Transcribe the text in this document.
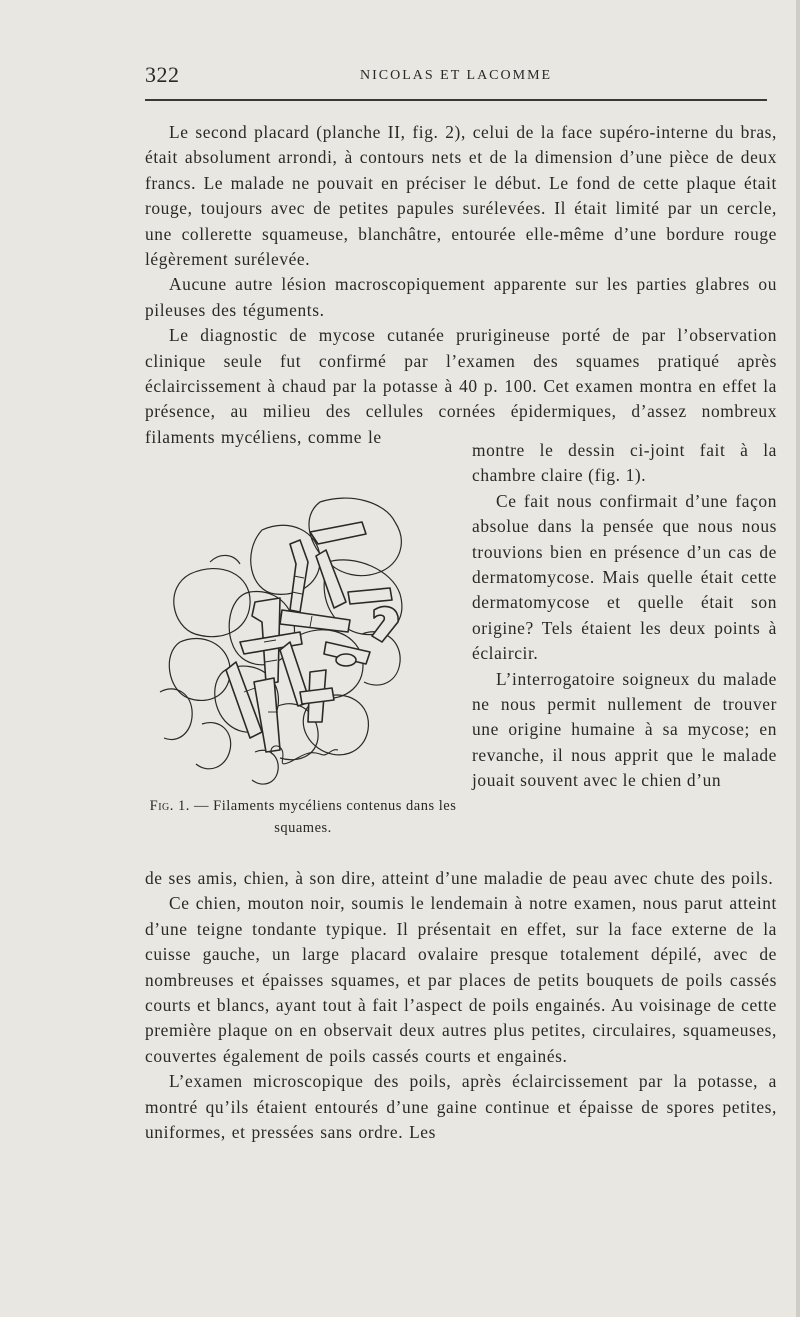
322	NICOLAS ET LACOMME

Le second placard (planche II, fig. 2), celui de la face supéro-interne du bras, était absolument arrondi, à contours nets et de la dimension d’une pièce de deux francs. Le malade ne pouvait en préciser le début. Le fond de cette plaque était rouge, toujours avec de petites papules surélevées. Il était limité par un cercle, une collerette squameuse, blanchâtre, entourée elle-même d’une bordure rouge légèrement surélevée.

Aucune autre lésion macroscopiquement apparente sur les parties glabres ou pileuses des téguments.

Le diagnostic de mycose cutanée prurigineuse porté de par l’observation clinique seule fut confirmé par l’examen des squames pratiqué après éclaircissement à chaud par la potasse à 40 p. 100. Cet examen montra en effet la présence, au milieu des cellules cornées épidermiques, d’assez nombreux filaments mycéliens, comme le

montre le dessin ci-joint fait à la chambre claire (fig. 1).

Ce fait nous confirmait d’une façon absolue dans la pensée que nous nous trouvions bien en présence d’un cas de dermatomycose. Mais quelle était cette dermatomycose et quelle était son origine? Tels étaient les deux points à éclaircir.

L’interrogatoire soigneux du malade ne nous permit nullement de trouver une origine humaine à sa mycose; en revanche, il nous apprit que le malade jouait souvent avec le chien d’un

Fig. 1. — Filaments mycéliens contenus dans les squames.

de ses amis, chien, à son dire, atteint d’une maladie de peau avec chute des poils.

Ce chien, mouton noir, soumis le lendemain à notre examen, nous parut atteint d’une teigne tondante typique. Il présentait en effet, sur la face externe de la cuisse gauche, un large placard ovalaire presque totalement dépilé, avec de nombreuses et épaisses squames, et par places de petits bouquets de poils cassés courts et blancs, ayant tout à fait l’aspect de poils engainés. Au voisinage de cette première plaque on en observait deux autres plus petites, circulaires, squameuses, couvertes également de poils cassés courts et engainés.

L’examen microscopique des poils, après éclaircissement par la potasse, a montré qu’ils étaient entourés d’une gaine continue et épaisse de spores petites, uniformes, et pressées sans ordre. Les
